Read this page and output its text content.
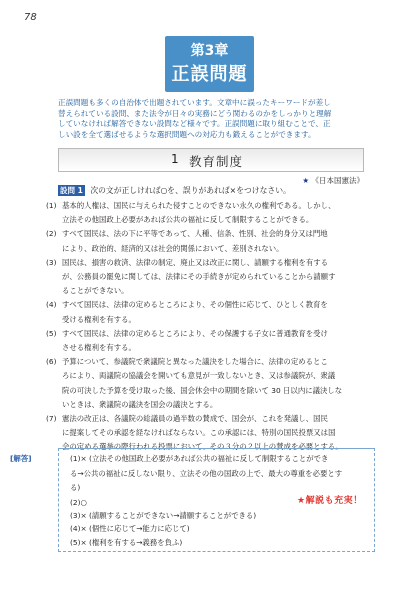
78
第3章
正誤問題

正誤問題も多くの自治体で出題されています。文章中に誤ったキーワードが差し

替えられている設問、また法令が日々の実務にどう関わるのかをしっかりと理解

していなければ解答できない設問など様々です。正誤問題に取り組むことで、正

しい設を全て選ばせるような選択問題への対応力も鍛えることができます。

1 教育制度
★ 《日本国憲法》
設問 1 次の文が正しければ○を、誤りがあれば×をつけなさい。
(1) 基本的人権は、国民に与えられた侵すことのできない永久の権利である。しかし、
立法その他国政上必要があれば公共の福祉に反して制限することができる。
(2) すべて国民は、法の下に平等であって、人種、信条、性別、社会的身分又は門地
により、政治的、経済的又は社会的関係において、差別されない。
(3) 国民は、損害の救済、法律の制定、廃止又は改正に関し、請願する権利を有する
が、公務員の罷免に関しては、法律にその手続きが定められていることから請願す
ることができない。
(4) すべて国民は、法律の定めるところにより、その個性に応じて、ひとしく教育を
受ける権利を有する。
(5) すべて国民は、法律の定めるところにより、その保護する子女に普通教育を受け
させる権利を有する。
(6) 予算について、参議院で衆議院と異なった議決をした場合に、法律の定めるとこ
ろにより、両議院の協議会を開いても意見が一致しないとき、又は参議院が、衆議
院の可決した予算を受け取った後、国会休会中の期間を除いて 30 日以内に議決しな
いときは、衆議院の議決を国会の議決とする。
(7) 憲法の改正は、各議院の総議員の過半数の賛成で、国会が、これを発議し、国民
に提案してその承認を経なければならない。この承認には、特別の国民投票又は国
会の定める選挙の際行われる投票において、その３分の２以上の賛成を必要とする。
[解答]	(1)× (立法その他国政上必要があれば公共の福祉に反して制限することができ
る→公共の福祉に反しない限り、立法その他の国政の上で、最大の尊重を必要とす
る)
(2)○
(3)× (請願することができない→請願することができる)
(4)× (個性に応じて→能力に応じて)
(5)× (権利を有する→義務を負ふ)
★解説も充実！
